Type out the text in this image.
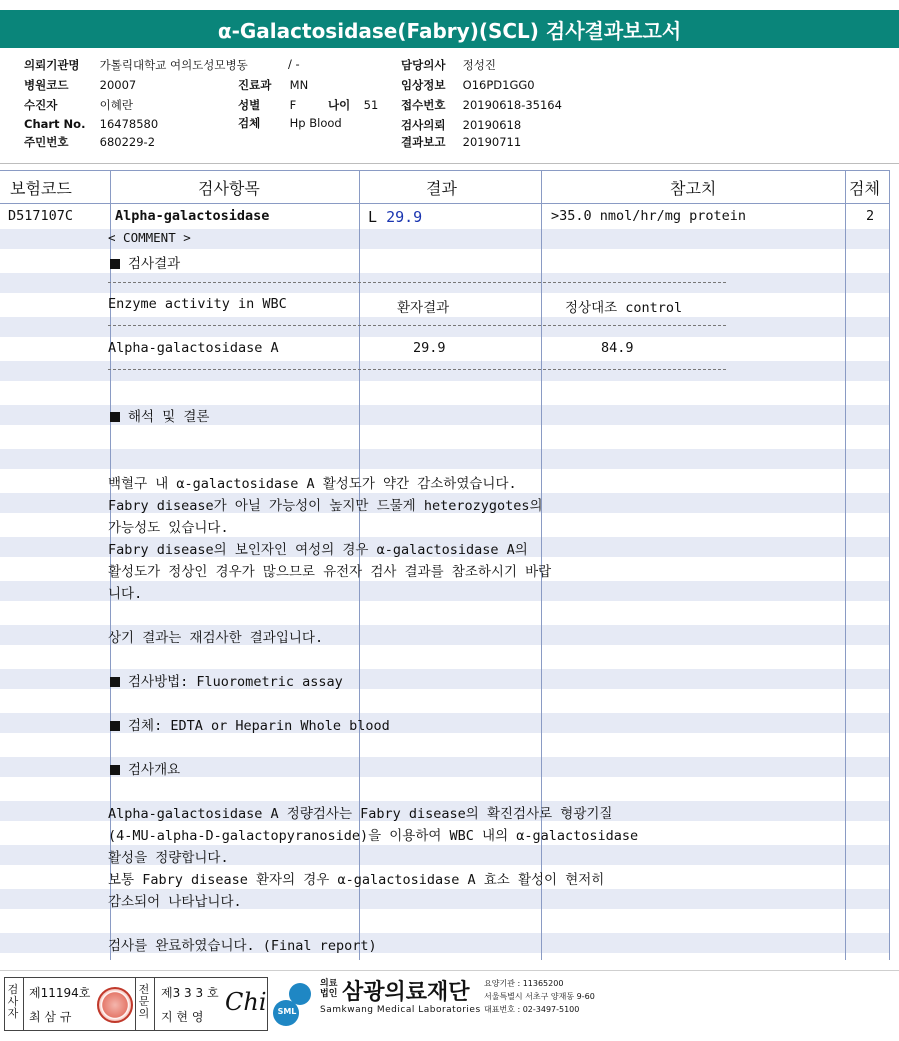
α-Galactosidase(Fabry)(SCL) 검사결과보고서
의뢰기관명 가톨릭대학교 여의도성모병동	/ -	담당의사 정성진
병원코드	20007	진료과 MN	임상정보 O16PD1GG0
수진자	이혜란	성별	F	나이 51 접수번호 20190618-35164
Chart No. 16478580	검체	Hp Blood	검사의뢰 20190618
주민번호	680229-2	결과보고 20190711
보험코드	검사항목	결과	참고치	검체
D517107C	Alpha-galactosidase	L 29.9	>35.0 nmol/hr/mg protein	2
< COMMENT >
검사결과
Enzyme activity in WBC	환자결과	정상대조 control
Alpha-galactosidase A	29.9	84.9
해석 및 결론
백혈구 내 α-galactosidase A 활성도가 약간 감소하였습니다.
Fabry disease가 아닐 가능성이 높지만 드물게 heterozygotes의
가능성도 있습니다.
Fabry disease의 보인자인 여성의 경우 α-galactosidase A의
활성도가 정상인 경우가 많으므로 유전자 검사 결과를 참조하시기 바랍
니다.
상기 결과는 재검사한 결과입니다.
검사방법: Fluorometric assay
검체: EDTA or Heparin Whole blood
검사개요
Alpha-galactosidase A 정량검사는 Fabry disease의 확진검사로 형광기질
(4-MU-alpha-D-galactopyranoside)을 이용하여 WBC 내의 α-galactosidase
활성을 정량합니다.
보통 Fabry disease 환자의 경우 α-galactosidase A 효소 활성이 현저히
감소되어 나타납니다.
검사를 완료하였습니다. (Final report)
검사자
제11194호
최 삼 규
전문의
제3 3 3 호
지 현 영
Chi SML
의료법인 삼광의료재단
Samkwang Medical Laboratories
요양기관 : 11365200
서울특별시 서초구 양재동 9-60
대표번호 : 02-3497-5100
